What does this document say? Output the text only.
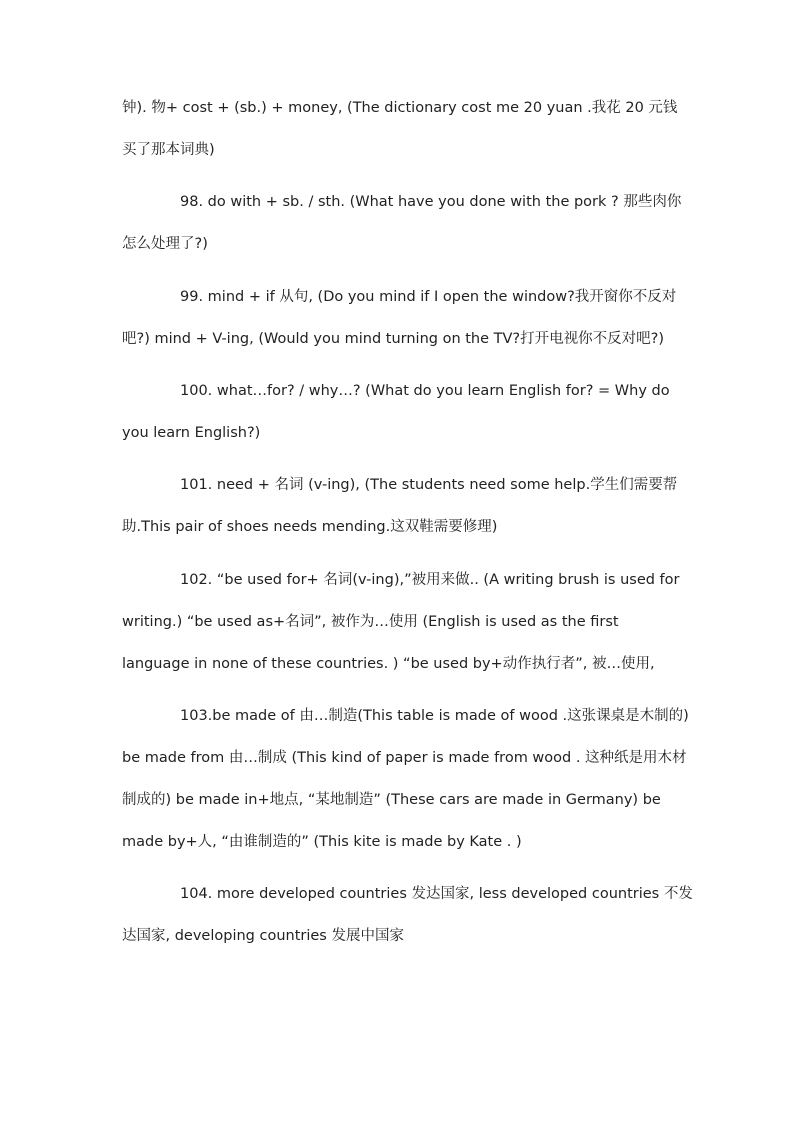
钟). 物+ cost + (sb.) + money, (The dictionary cost me 20 yuan .我花 20 元钱
买了那本词典)
98. do with + sb. / sth. (What have you done with the pork ? 那些肉你
怎么处理了?)
99. mind + if 从句, (Do you mind if I open the window?我开窗你不反对
吧?) mind + V-ing, (Would you mind turning on the TV?打开电视你不反对吧?)
100. what…for? / why…? (What do you learn English for? = Why do
you learn English?)
101. need + 名词 (v-ing), (The students need some help.学生们需要帮
助.This pair of shoes needs mending.这双鞋需要修理)
102. “be used for+ 名词(v-ing),”被用来做.. (A writing brush is used for
writing.) “be used as+名词”, 被作为…使用 (English is used as the first
language in none of these countries. ) “be used by+动作执行者”, 被…使用,
103.be made of 由…制造(This table is made of wood .这张课桌是木制的)
be made from 由…制成 (This kind of paper is made from wood . 这种纸是用木材
制成的) be made in+地点, “某地制造” (These cars are made in Germany) be
made by+人, “由谁制造的” (This kite is made by Kate . )
104. more developed countries 发达国家, less developed countries 不发
达国家, developing countries 发展中国家
